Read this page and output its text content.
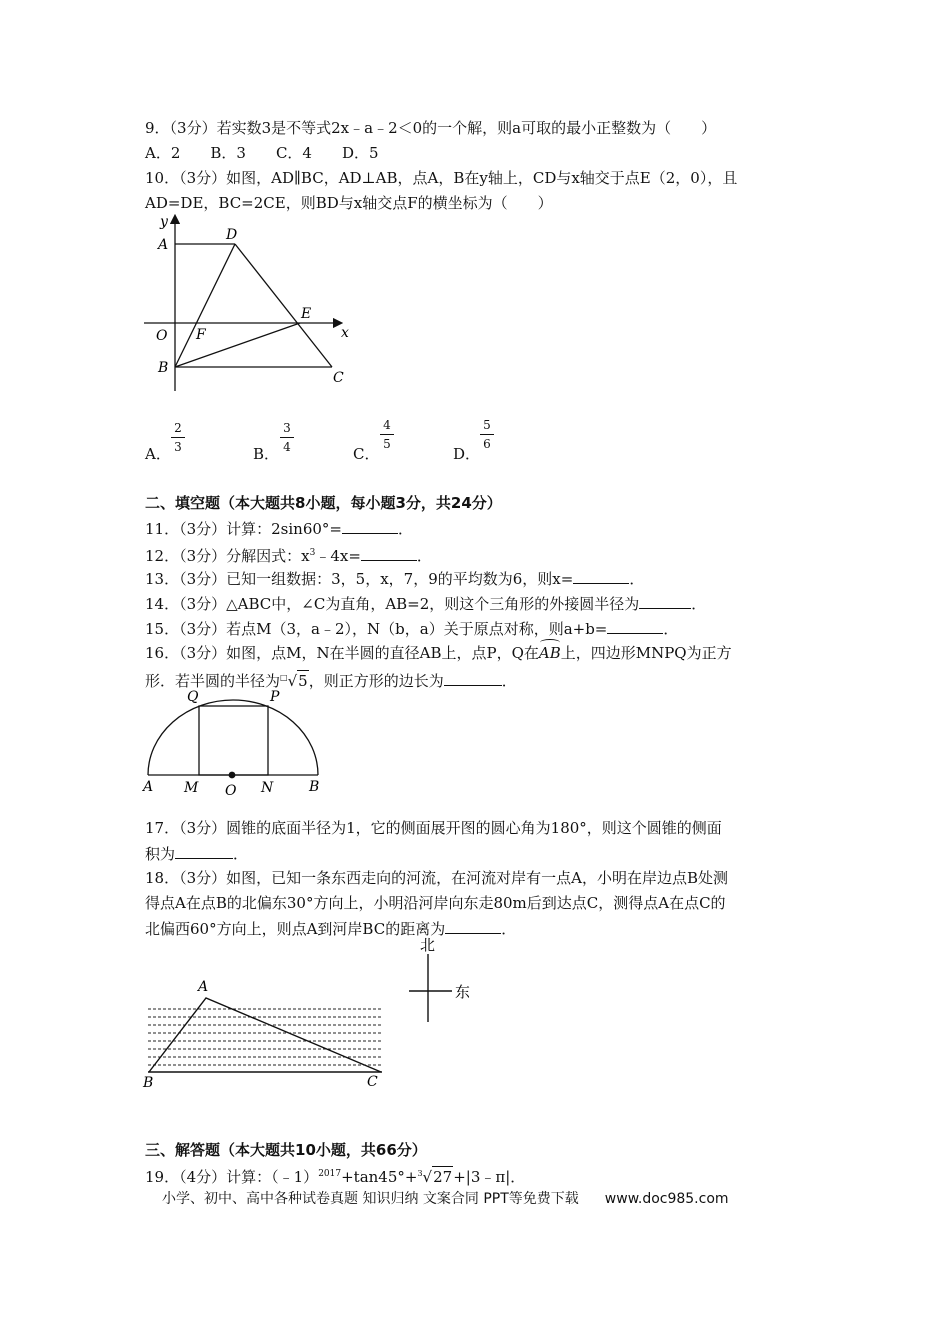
9．（3分）若实数3是不等式2x﹣a﹣2＜0的一个解，则a可取的最小正整数为（　　）
A．2　　B．3　　C．4　　D．5
10．（3分）如图，AD∥BC，AD⊥AB，点A，B在y轴上，CD与x轴交于点E（2，0），且
AD=DE，BC=2CE，则BD与x轴交点F的横坐标为（　　）
y
A
D
O F
E
x
B
C
A．
2
3	B．
3
4	C．
4
5
D．
5
6
二、填空题（本大题共8小题，每小题3分，共24分）
11．（3分）计算：2sin60°=	．
12．（3分）分解因式：$x^3﹣4x=$	．
13．（3分）已知一组数据：3，5，x，7，9的平均数为6，则x=	．
14．（3分）△ABC中，∠C为直角，AB=2，则这个三角形的外接圆半径为	．
15．（3分）若点M（3，a﹣2），N（b，a）关于原点对称，则a+b=	．
16．（3分）如图，点M，N在半圆的直径AB上，点P，Q在AB上，四边形MNPQ为正方
形．若半圆的半径为□√5，则正方形的边长为	．
Q	P
A M O N	B
17．（3分）圆锥的底面半径为1，它的侧面展开图的圆心角为180°，则这个圆锥的侧面
积为	．
18．（3分）如图，已知一条东西走向的河流，在河流对岸有一点A，小明在岸边点B处测
得点A在点B的北偏东30°方向上，小明沿河岸向东走80m后到达点C，测得点A在点C的
北偏西60°方向上，则点A到河岸BC的距离为	．
A
B	C
北
东
三、解答题（本大题共10小题，共66分）
19．（4分）计算：（﹣1）$^{2017}$+tan45°+$^3$√27+|3﹣π|．
小学、初中、高中各种试卷真题 知识归纳 文案合同 PPT等免费下载 www.doc985.com
